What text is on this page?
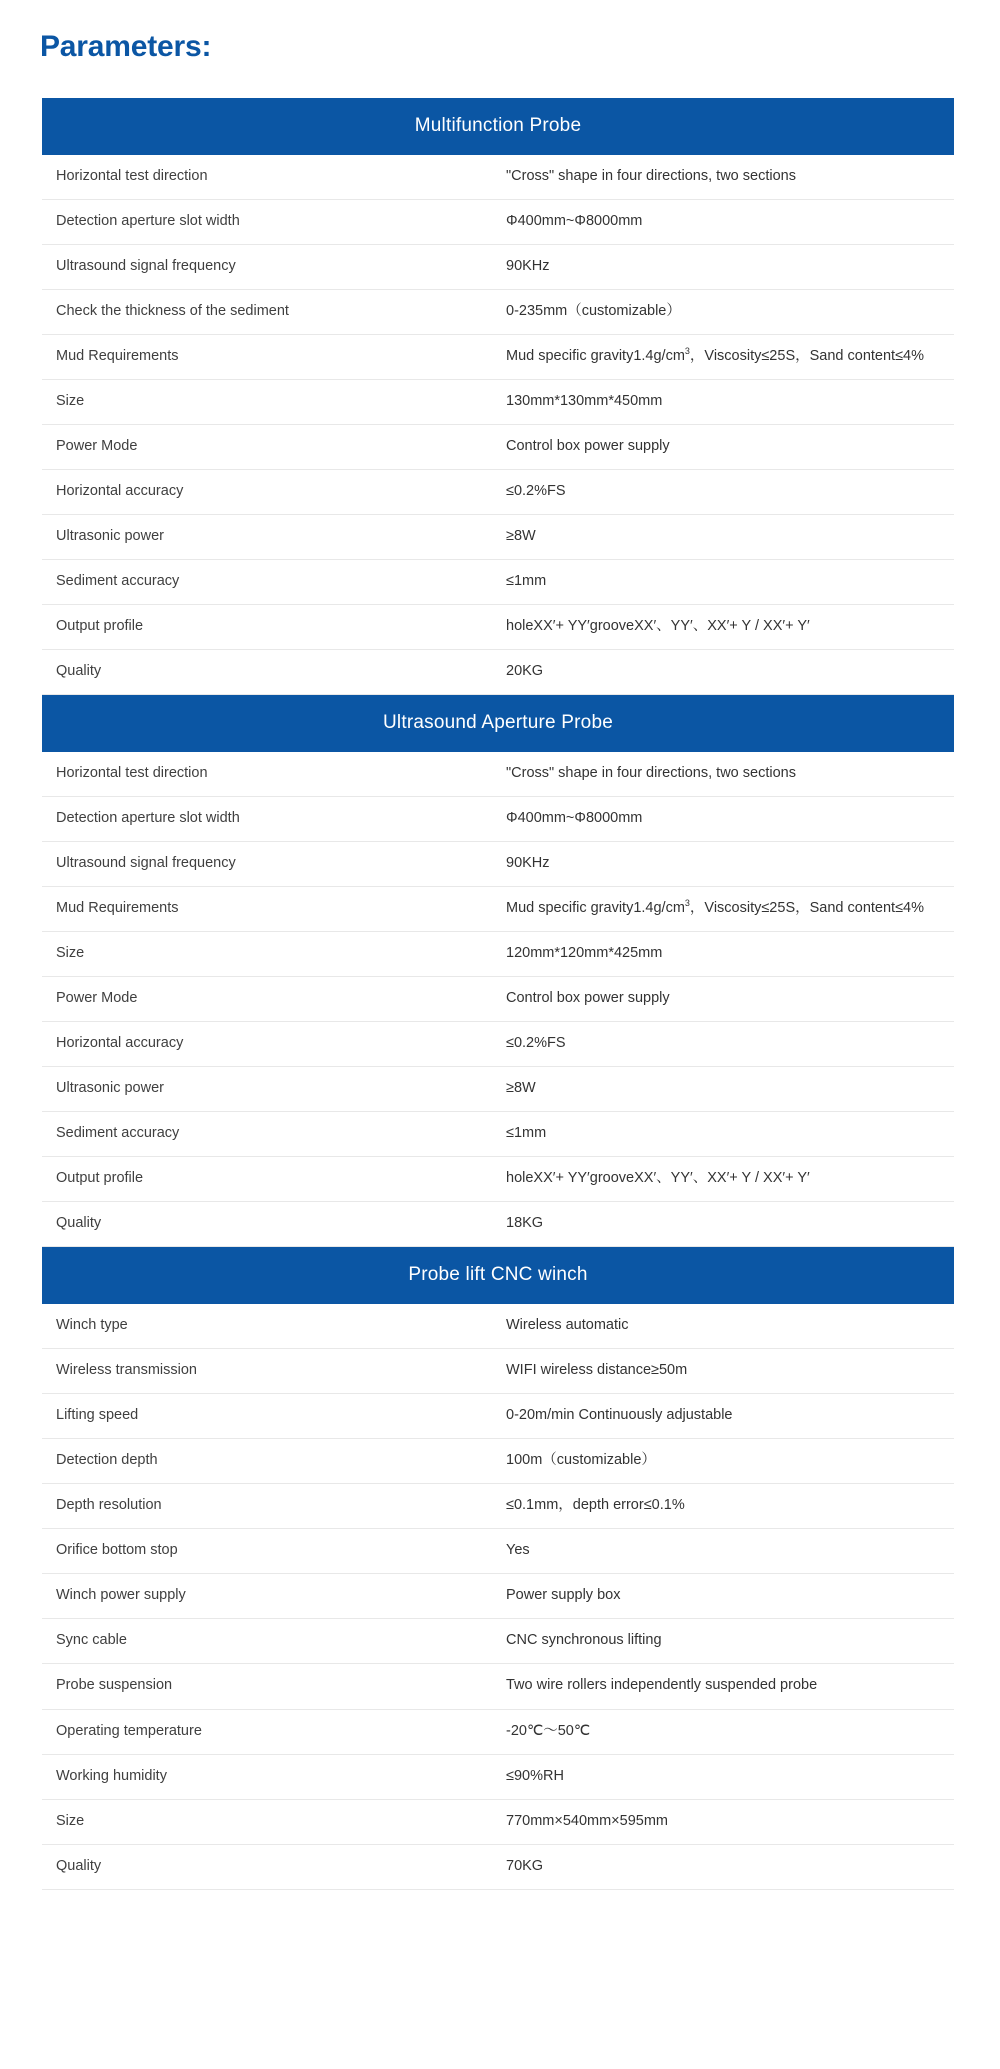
Parameters:
Multifunction Probe	
Horizontal test direction	"Cross" shape in four directions, two sections
Detection aperture slot width	Φ400mm~Φ8000mm
Ultrasound signal frequency	90KHz
Check the thickness of the sediment	0-235mm（customizable）
Mud Requirements	Mud specific $gravity1.4g/cm^3$，Viscosity≤25S，Sand content≤4%
Size	130mm*130mm*450mm
Power Mode	Control box power supply
Horizontal accuracy	≤0.2%FS
Ultrasonic power	≥8W
Sediment accuracy	≤1mm
Output profile	holeXX′+ YY′grooveXX′、YY′、XX′+ Y / XX′+ Y′
Quality	20KG
Ultrasound Aperture Probe	
Horizontal test direction	"Cross" shape in four directions, two sections
Detection aperture slot width	Φ400mm~Φ8000mm
Ultrasound signal frequency	90KHz
Mud Requirements	Mud specific $gravity1.4g/cm^3$，Viscosity≤25S，Sand content≤4%
Size	120mm*120mm*425mm
Power Mode	Control box power supply
Horizontal accuracy	≤0.2%FS
Ultrasonic power	≥8W
Sediment accuracy	≤1mm
Output profile	holeXX′+ YY′grooveXX′、YY′、XX′+ Y / XX′+ Y′
Quality	18KG
Probe lift CNC winch	
Winch type	Wireless automatic
Wireless transmission	WIFI wireless distance≥50m
Lifting speed	0-20m/min Continuously adjustable
Detection depth	100m（customizable）
Depth resolution	≤0.1mm，depth error≤0.1%
Orifice bottom stop	Yes
Winch power supply	Power supply box
Sync cable	CNC synchronous lifting
Probe suspension	Two wire rollers independently suspended probe
Operating temperature	-20℃～50℃
Working humidity	≤90%RH
Size	770mm×540mm×595mm
Quality	70KG
